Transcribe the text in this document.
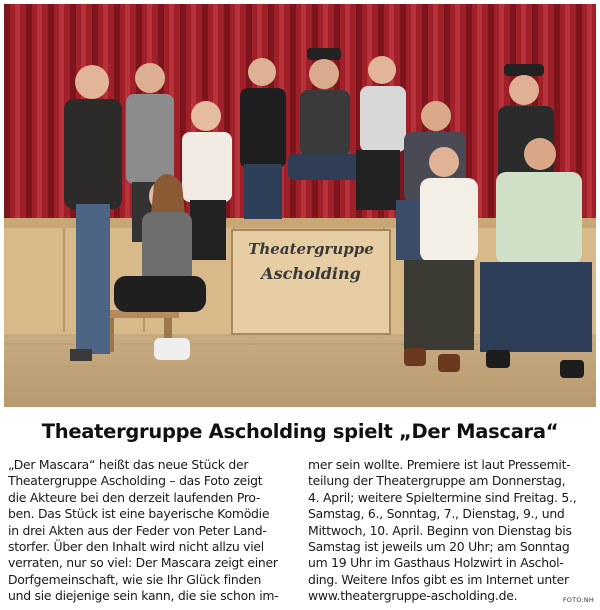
Theatergruppe
Ascholding
Theatergruppe Ascholding spielt „Der Mascara“
„Der Mascara“ heißt das neue Stück der
Theatergruppe Ascholding – das Foto zeigt
die Akteure bei den derzeit laufenden Pro-
ben. Das Stück ist eine bayerische Komödie
in drei Akten aus der Feder von Peter Land-
storfer. Über den Inhalt wird nicht allzu viel
verraten, nur so viel: Der Mascara zeigt einer
Dorfgemeinschaft, wie sie Ihr Glück finden
und sie diejenige sein kann, die sie schon im-
mer sein wollte. Premiere ist laut Pressemit-
teilung der Theatergruppe am Donnerstag,
4. April; weitere Spieltermine sind Freitag. 5.,
Samstag, 6., Sonntag, 7., Dienstag, 9., und
Mittwoch, 10. April. Beginn von Dienstag bis
Samstag ist jeweils um 20 Uhr; am Sonntag
um 19 Uhr im Gasthaus Holzwirt in Aschol-
ding. Weitere Infos gibt es im Internet unter
www.theatergruppe-ascholding.de.	FOTO:NH
